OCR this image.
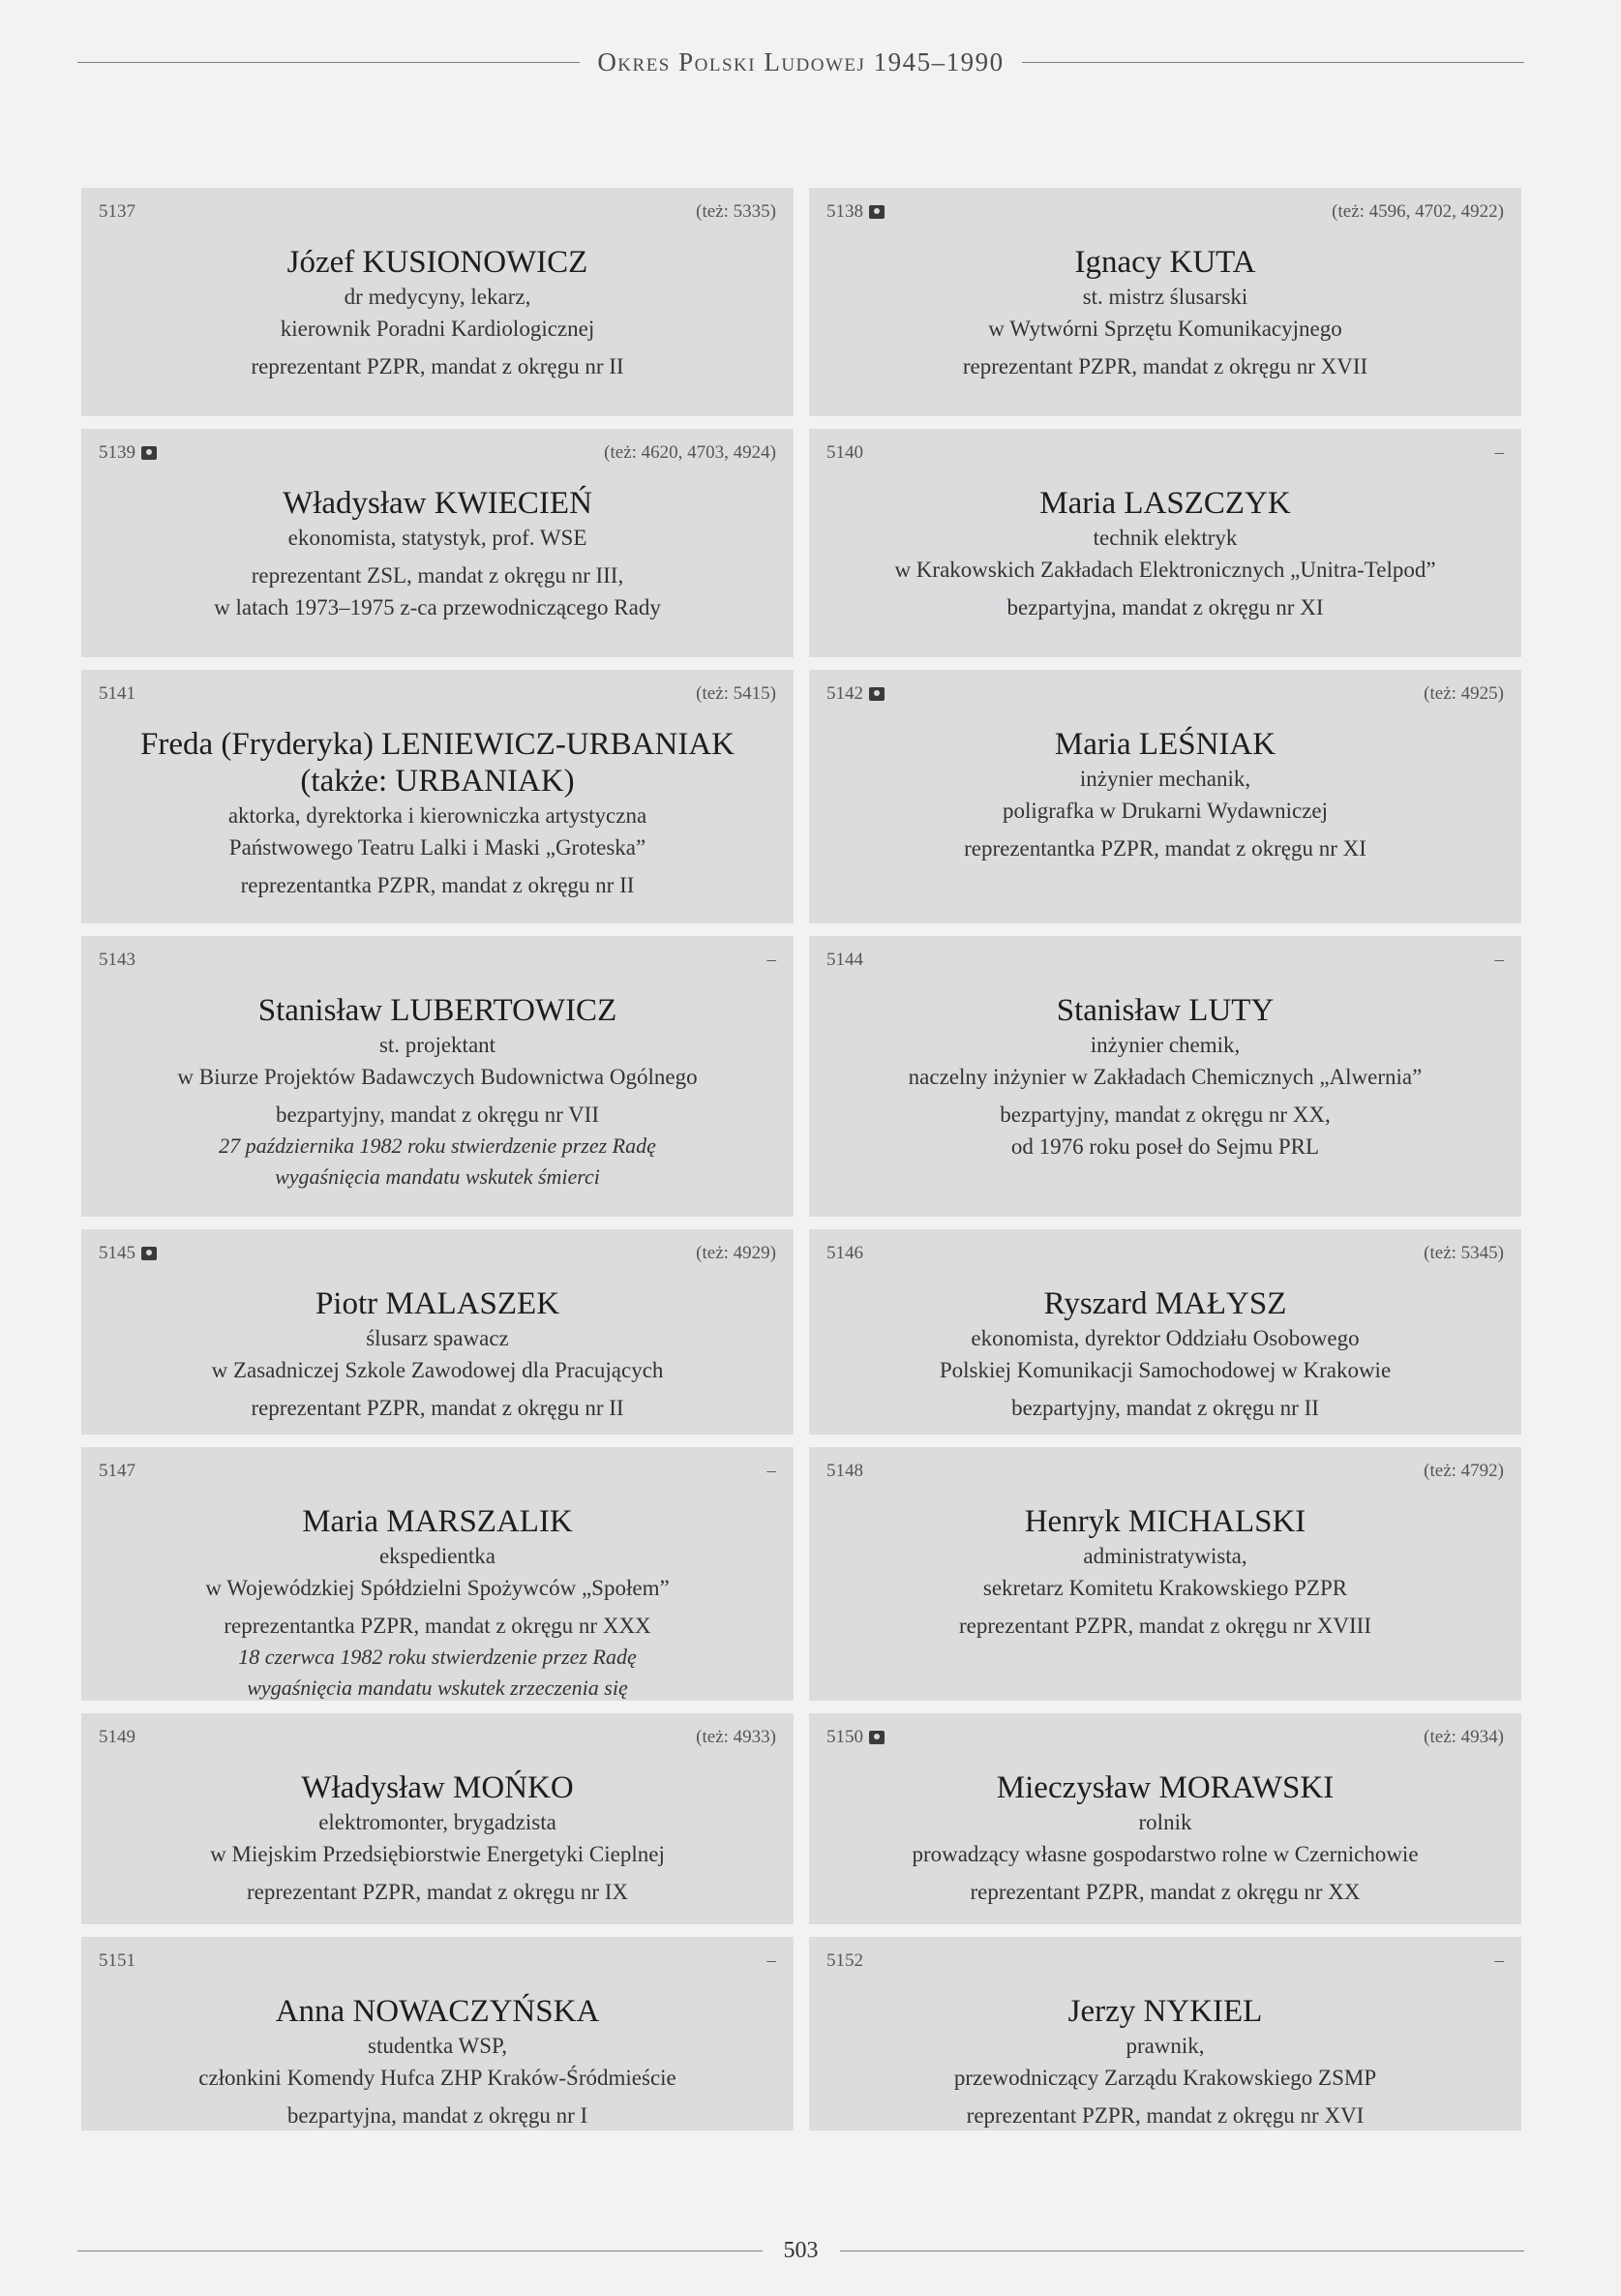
Okres Polski Ludowej 1945–1990
5137	(też: 5335)
Józef KUSIONOWICZ
dr medycyny, lekarz,
kierownik Poradni Kardiologicznej
reprezentant PZPR, mandat z okręgu nr II
5138	(też: 4596, 4702, 4922)
Ignacy KUTA
st. mistrz ślusarski
w Wytwórni Sprzętu Komunikacyjnego
reprezentant PZPR, mandat z okręgu nr XVII
5139	(też: 4620, 4703, 4924)
Władysław KWIECIEŃ
ekonomista, statystyk, prof. WSE
reprezentant ZSL, mandat z okręgu nr III,
w latach 1973–1975 z-ca przewodniczącego Rady
5140	–
Maria LASZCZYK
technik elektryk
w Krakowskich Zakładach Elektronicznych „Unitra-Telpod”
bezpartyjna, mandat z okręgu nr XI
5141	(też: 5415)
Freda (Fryderyka) LENIEWICZ-URBANIAK
(także: URBANIAK)
aktorka, dyrektorka i kierowniczka artystyczna
Państwowego Teatru Lalki i Maski „Groteska”
reprezentantka PZPR, mandat z okręgu nr II
5142	(też: 4925)
Maria LEŚNIAK
inżynier mechanik,
poligrafka w Drukarni Wydawniczej
reprezentantka PZPR, mandat z okręgu nr XI
5143	–
Stanisław LUBERTOWICZ
st. projektant
w Biurze Projektów Badawczych Budownictwa Ogólnego
bezpartyjny, mandat z okręgu nr VII
27 października 1982 roku stwierdzenie przez Radę
wygaśnięcia mandatu wskutek śmierci
5144	–
Stanisław LUTY
inżynier chemik,
naczelny inżynier w Zakładach Chemicznych „Alwernia”
bezpartyjny, mandat z okręgu nr XX,
od 1976 roku poseł do Sejmu PRL
5145	(też: 4929)
Piotr MALASZEK
ślusarz spawacz
w Zasadniczej Szkole Zawodowej dla Pracujących
reprezentant PZPR, mandat z okręgu nr II
5146	(też: 5345)
Ryszard MAŁYSZ
ekonomista, dyrektor Oddziału Osobowego
Polskiej Komunikacji Samochodowej w Krakowie
bezpartyjny, mandat z okręgu nr II
5147	–
Maria MARSZALIK
ekspedientka
w Wojewódzkiej Spółdzielni Spożywców „Społem”
reprezentantka PZPR, mandat z okręgu nr XXX
18 czerwca 1982 roku stwierdzenie przez Radę
wygaśnięcia mandatu wskutek zrzeczenia się
5148	(też: 4792)
Henryk MICHALSKI
administratywista,
sekretarz Komitetu Krakowskiego PZPR
reprezentant PZPR, mandat z okręgu nr XVIII
5149	(też: 4933)
Władysław MOŃKO
elektromonter, brygadzista
w Miejskim Przedsiębiorstwie Energetyki Cieplnej
reprezentant PZPR, mandat z okręgu nr IX
5150	(też: 4934)
Mieczysław MORAWSKI
rolnik
prowadzący własne gospodarstwo rolne w Czernichowie
reprezentant PZPR, mandat z okręgu nr XX
5151	–
Anna NOWACZYŃSKA
studentka WSP,
członkini Komendy Hufca ZHP Kraków-Śródmieście
bezpartyjna, mandat z okręgu nr I
5152	–
Jerzy NYKIEL
prawnik,
przewodniczący Zarządu Krakowskiego ZSMP
reprezentant PZPR, mandat z okręgu nr XVI
503
